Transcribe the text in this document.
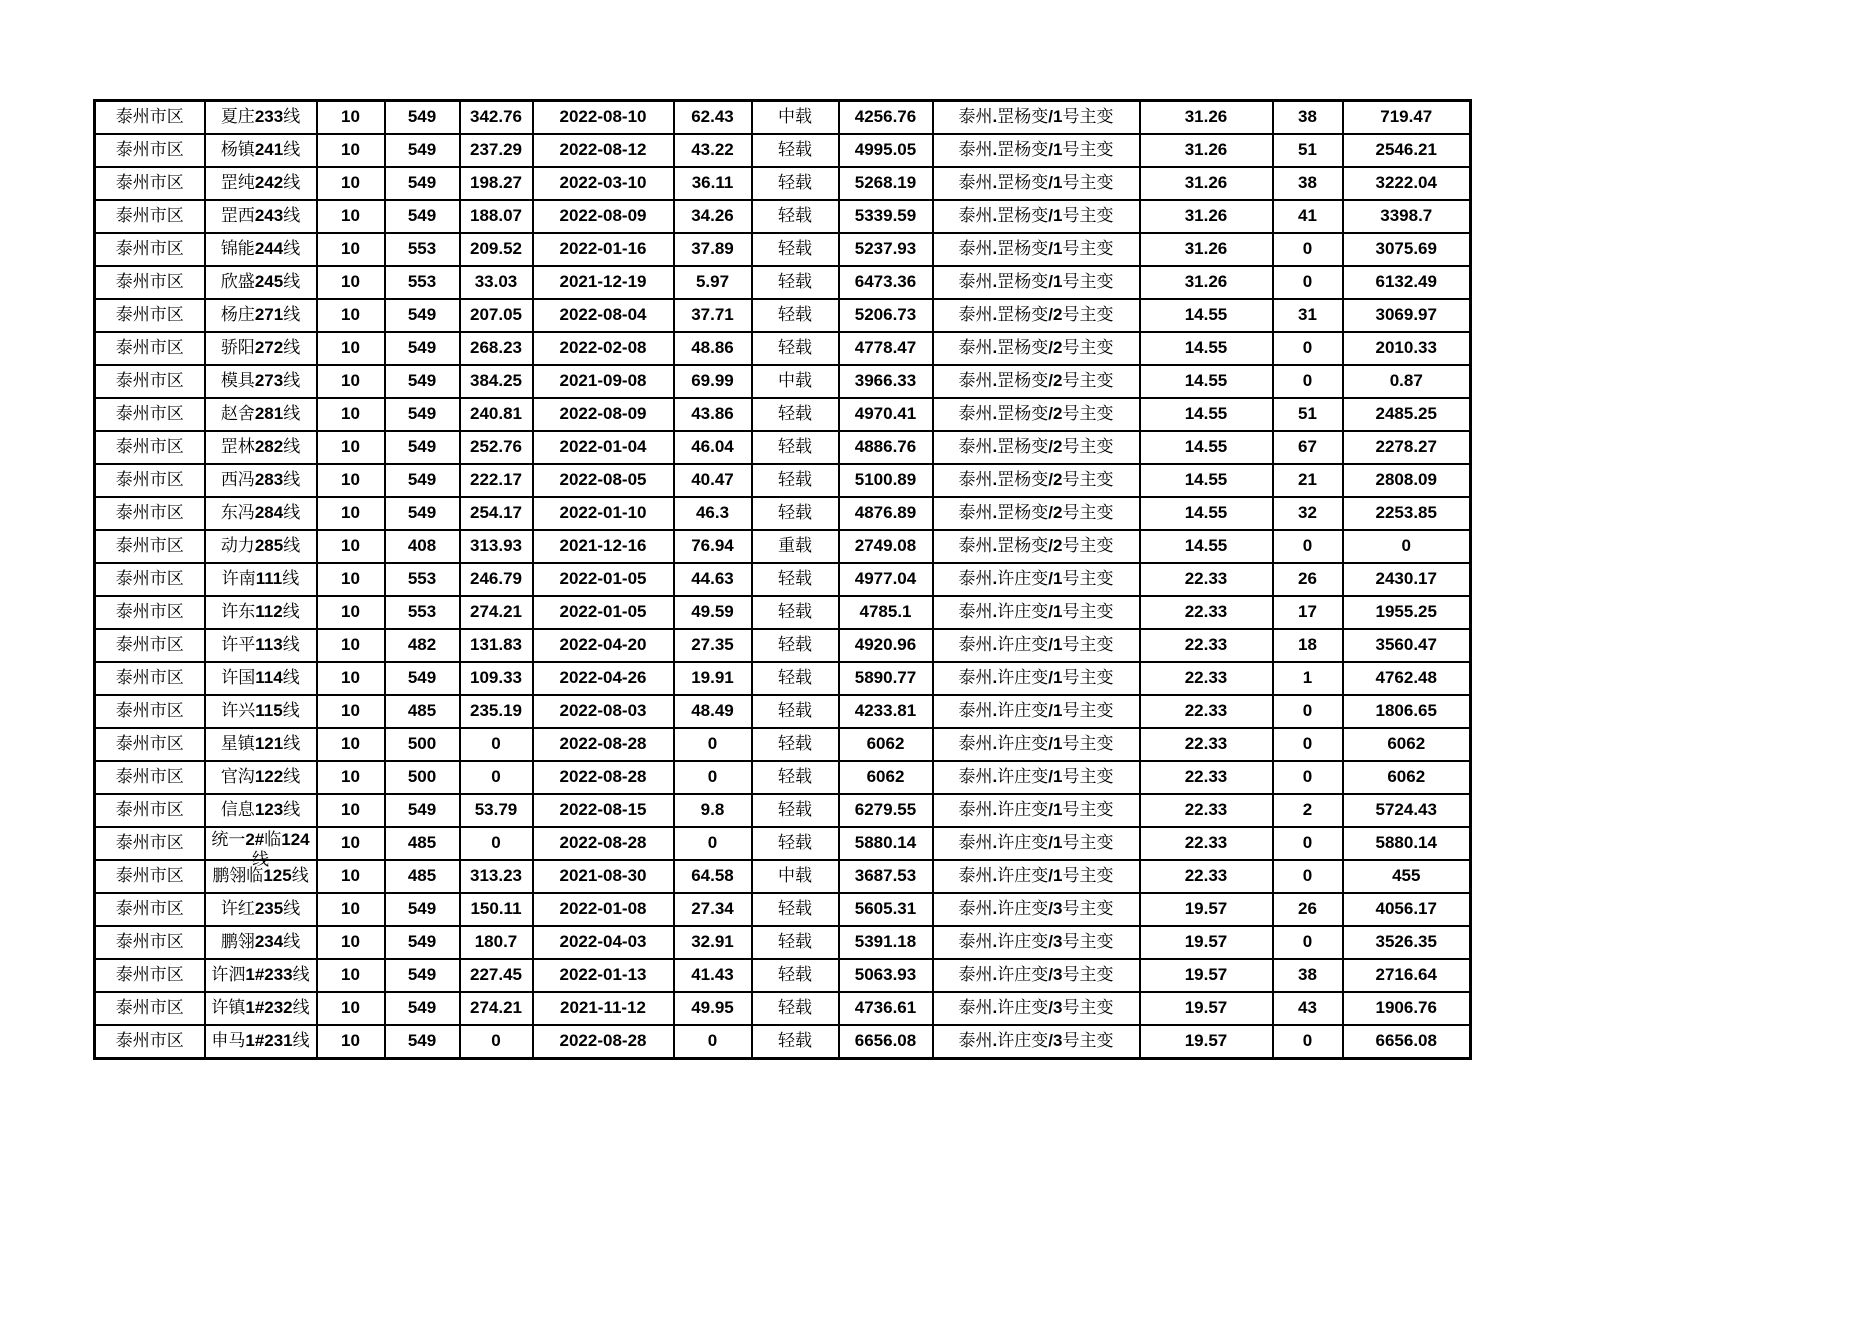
泰州市区	夏庄 233 线	10	549	342.76	2022-08-10	62.43	中载	4256.76	泰州 . 罡杨变 /1 号主变	31.26	38	719.47

泰州市区	杨镇 241 线	10	549	237.29	2022-08-12	43.22	轻载	4995.05	泰州 . 罡杨变 /1 号主变	31.26	51	2546.21

泰州市区	罡纯 242 线	10	549	198.27	2022-03-10	36.11	轻载	5268.19	泰州 . 罡杨变 /1 号主变	31.26	38	3222.04

泰州市区	罡西 243 线	10	549	188.07	2022-08-09	34.26	轻载	5339.59	泰州 . 罡杨变 /1 号主变	31.26	41	3398.7

泰州市区	锦能 244 线	10	553	209.52	2022-01-16	37.89	轻载	5237.93	泰州 . 罡杨变 /1 号主变	31.26	0	3075.69

泰州市区	欣盛 245 线	10	553	33.03	2021-12-19	5.97	轻载	6473.36	泰州 . 罡杨变 /1 号主变	31.26	0	6132.49

泰州市区	杨庄 271 线	10	549	207.05	2022-08-04	37.71	轻载	5206.73	泰州 . 罡杨变 /2 号主变	14.55	31	3069.97

泰州市区	骄阳 272 线	10	549	268.23	2022-02-08	48.86	轻载	4778.47	泰州 . 罡杨变 /2 号主变	14.55	0	2010.33

泰州市区	模具 273 线	10	549	384.25	2021-09-08	69.99	中载	3966.33	泰州 . 罡杨变 /2 号主变	14.55	0	0.87

泰州市区	赵舍 281 线	10	549	240.81	2022-08-09	43.86	轻载	4970.41	泰州 . 罡杨变 /2 号主变	14.55	51	2485.25

泰州市区	罡林 282 线	10	549	252.76	2022-01-04	46.04	轻载	4886.76	泰州 . 罡杨变 /2 号主变	14.55	67	2278.27

泰州市区	西冯 283 线	10	549	222.17	2022-08-05	40.47	轻载	5100.89	泰州 . 罡杨变 /2 号主变	14.55	21	2808.09

泰州市区	东冯 284 线	10	549	254.17	2022-01-10	46.3	轻载	4876.89	泰州 . 罡杨变 /2 号主变	14.55	32	2253.85

泰州市区	动力 285 线	10	408	313.93	2021-12-16	76.94	重载	2749.08	泰州 . 罡杨变 /2 号主变	14.55	0	0

泰州市区	许南 111 线	10	553	246.79	2022-01-05	44.63	轻载	4977.04	泰州 . 许庄变 /1 号主变	22.33	26	2430.17

泰州市区	许东 112 线	10	553	274.21	2022-01-05	49.59	轻载	4785.1	泰州 . 许庄变 /1 号主变	22.33	17	1955.25

泰州市区	许平 113 线	10	482	131.83	2022-04-20	27.35	轻载	4920.96	泰州 . 许庄变 /1 号主变	22.33	18	3560.47

泰州市区	许国 114 线	10	549	109.33	2022-04-26	19.91	轻载	5890.77	泰州 . 许庄变 /1 号主变	22.33	1	4762.48

泰州市区	许兴 115 线	10	485	235.19	2022-08-03	48.49	轻载	4233.81	泰州 . 许庄变 /1 号主变	22.33	0	1806.65

泰州市区	星镇 121 线	10	500	0	2022-08-28	0	轻载	6062	泰州 . 许庄变 /1 号主变	22.33	0	6062

泰州市区	官沟 122 线	10	500	0	2022-08-28	0	轻载	6062	泰州 . 许庄变 /1 号主变	22.33	0	6062

泰州市区	信息 123 线	10	549	53.79	2022-08-15	9.8	轻载	6279.55	泰州 . 许庄变 /1 号主变	22.33	2	5724.43

泰州市区	统一2#临124线	10	485	0	2022-08-28	0	轻载	5880.14	泰州 . 许庄变 /1 号主变	22.33	0	5880.14

泰州市区	鹏翎临 125 线	10	485	313.23	2021-08-30	64.58	中载	3687.53	泰州 . 许庄变 /1 号主变	22.33	0	455

泰州市区	许红 235 线	10	549	150.11	2022-01-08	27.34	轻载	5605.31	泰州 . 许庄变 /3 号主变	19.57	26	4056.17

泰州市区	鹏翎 234 线	10	549	180.7	2022-04-03	32.91	轻载	5391.18	泰州 . 许庄变 /3 号主变	19.57	0	3526.35

泰州市区	许泗 1#233 线	10	549	227.45	2022-01-13	41.43	轻载	5063.93	泰州 . 许庄变 /3 号主变	19.57	38	2716.64

泰州市区	许镇 1#232 线	10	549	274.21	2021-11-12	49.95	轻载	4736.61	泰州 . 许庄变 /3 号主变	19.57	43	1906.76

泰州市区	申马 1#231 线	10	549	0	2022-08-28	0	轻载	6656.08	泰州 . 许庄变 /3 号主变	19.57	0	6656.08
